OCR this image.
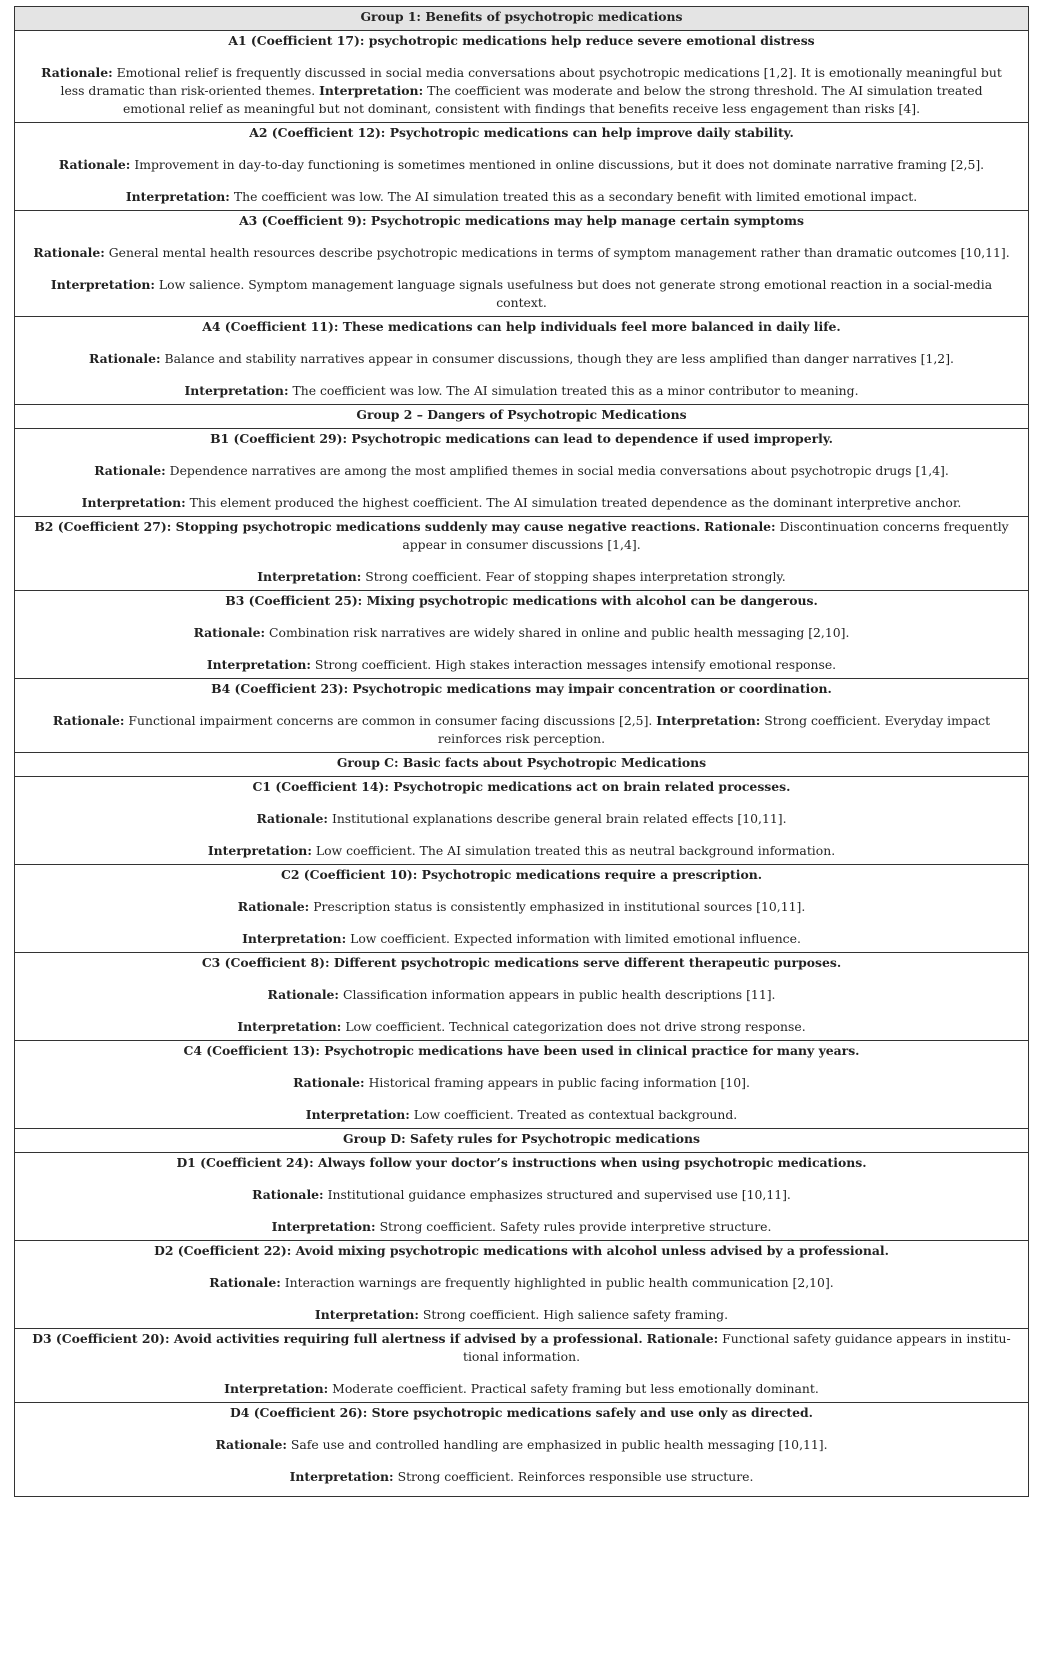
Group 1: Benefits of psychotropic medications

A1 (Coefficient 17): psychotropic medications help reduce severe emotional distress

Rationale: Emotional relief is frequently discussed in social media conversations about psychotropic medications [1,2]. It is emotionally meaningful but less dramatic than risk-oriented themes. Interpretation: The coefficient was moderate and below the strong threshold. The AI simulation treated emotional relief as meaningful but not dominant, consistent with findings that benefits receive less engagement than risks [4].

A2 (Coefficient 12): Psychotropic medications can help improve daily stability.

Rationale: Improvement in day-to-day functioning is sometimes mentioned in online discussions, but it does not dominate narrative framing [2,5].

Interpretation: The coefficient was low. The AI simulation treated this as a secondary benefit with limited emotional impact.

A3 (Coefficient 9): Psychotropic medications may help manage certain symptoms

Rationale: General mental health resources describe psychotropic medications in terms of symptom management rather than dramatic outcomes [10,11].

Interpretation: Low salience. Symptom management language signals usefulness but does not generate strong emotional reaction in a social-media context.

A4 (Coefficient 11): These medications can help individuals feel more balanced in daily life.

Rationale: Balance and stability narratives appear in consumer discussions, though they are less amplified than danger narratives [1,2].

Interpretation: The coefficient was low. The AI simulation treated this as a minor contributor to meaning.

Group 2 – Dangers of Psychotropic Medications

B1 (Coefficient 29): Psychotropic medications can lead to dependence if used improperly.

Rationale: Dependence narratives are among the most amplified themes in social media conversations about psychotropic drugs [1,4].

Interpretation: This element produced the highest coefficient. The AI simulation treated dependence as the dominant interpretive anchor.

B2 (Coefficient 27): Stopping psychotropic medications suddenly may cause negative reactions. Rationale: Discontinuation concerns frequently appear in consumer discussions [1,4].

Interpretation: Strong coefficient. Fear of stopping shapes interpretation strongly.

B3 (Coefficient 25): Mixing psychotropic medications with alcohol can be dangerous.

Rationale: Combination risk narratives are widely shared in online and public health messaging [2,10].

Interpretation: Strong coefficient. High stakes interaction messages intensify emotional response.

B4 (Coefficient 23): Psychotropic medications may impair concentration or coordination.

Rationale: Functional impairment concerns are common in consumer facing discussions [2,5]. Interpretation: Strong coefficient. Everyday impact reinforces risk perception.

Group C: Basic facts about Psychotropic Medications

C1 (Coefficient 14): Psychotropic medications act on brain related processes.

Rationale: Institutional explanations describe general brain related effects [10,11].

Interpretation: Low coefficient. The AI simulation treated this as neutral background information.

C2 (Coefficient 10): Psychotropic medications require a prescription.

Rationale: Prescription status is consistently emphasized in institutional sources [10,11].

Interpretation: Low coefficient. Expected information with limited emotional influence.

C3 (Coefficient 8): Different psychotropic medications serve different therapeutic purposes.

Rationale: Classification information appears in public health descriptions [11].

Interpretation: Low coefficient. Technical categorization does not drive strong response.

C4 (Coefficient 13): Psychotropic medications have been used in clinical practice for many years.

Rationale: Historical framing appears in public facing information [10].

Interpretation: Low coefficient. Treated as contextual background.

Group D: Safety rules for Psychotropic medications

D1 (Coefficient 24): Always follow your doctor’s instructions when using psychotropic medications.

Rationale: Institutional guidance emphasizes structured and supervised use [10,11].

Interpretation: Strong coefficient. Safety rules provide interpretive structure.

D2 (Coefficient 22): Avoid mixing psychotropic medications with alcohol unless advised by a professional.

Rationale: Interaction warnings are frequently highlighted in public health communication [2,10].

Interpretation: Strong coefficient. High salience safety framing.

D3 (Coefficient 20): Avoid activities requiring full alertness if advised by a professional. Rationale: Functional safety guidance appears in institu-tional information.

Interpretation: Moderate coefficient. Practical safety framing but less emotionally dominant.

D4 (Coefficient 26): Store psychotropic medications safely and use only as directed.

Rationale: Safe use and controlled handling are emphasized in public health messaging [10,11].

Interpretation: Strong coefficient. Reinforces responsible use structure.
